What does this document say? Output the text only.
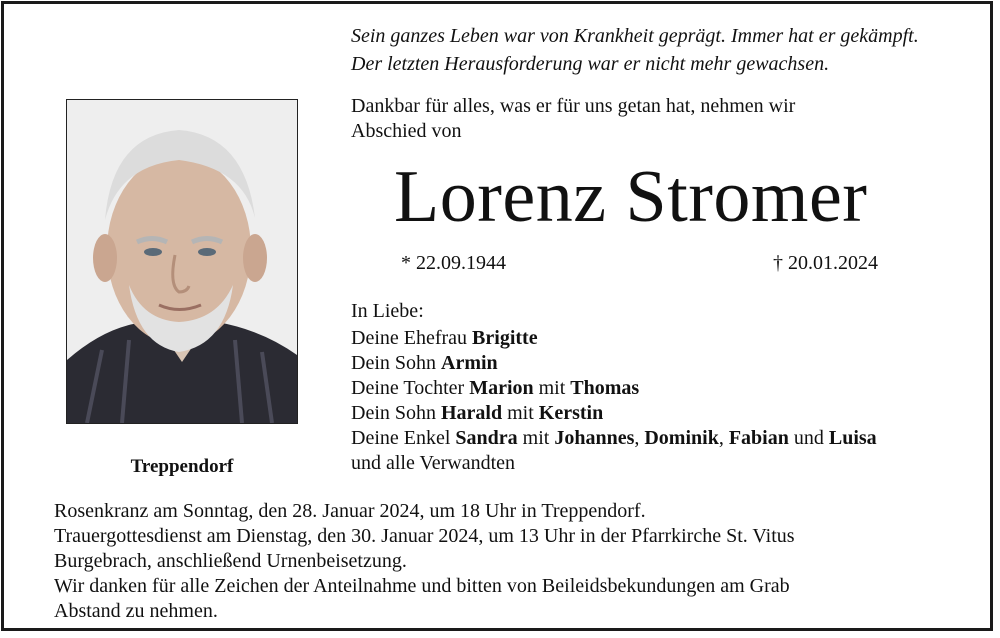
Sein ganzes Leben war von Krankheit geprägt. Immer hat er gekämpft.
Der letzten Herausforderung war er nicht mehr gewachsen.
Treppendorf
Dankbar für alles, was er für uns getan hat, nehmen wir
Abschied von
Lorenz Stromer
* 22.09.1944	† 20.01.2024
In Liebe:
Deine Ehefrau Brigitte
Dein Sohn Armin
Deine Tochter Marion mit Thomas
Dein Sohn Harald mit Kerstin
Deine Enkel Sandra mit Johannes, Dominik, Fabian und Luisa
und alle Verwandten
Rosenkranz am Sonntag, den 28. Januar 2024, um 18 Uhr in Treppendorf.
Trauergottesdienst am Dienstag, den 30. Januar 2024, um 13 Uhr in der Pfarrkirche St. Vitus
Burgebrach, anschließend Urnenbeisetzung.
Wir danken für alle Zeichen der Anteilnahme und bitten von Beileidsbekundungen am Grab
Abstand zu nehmen.
